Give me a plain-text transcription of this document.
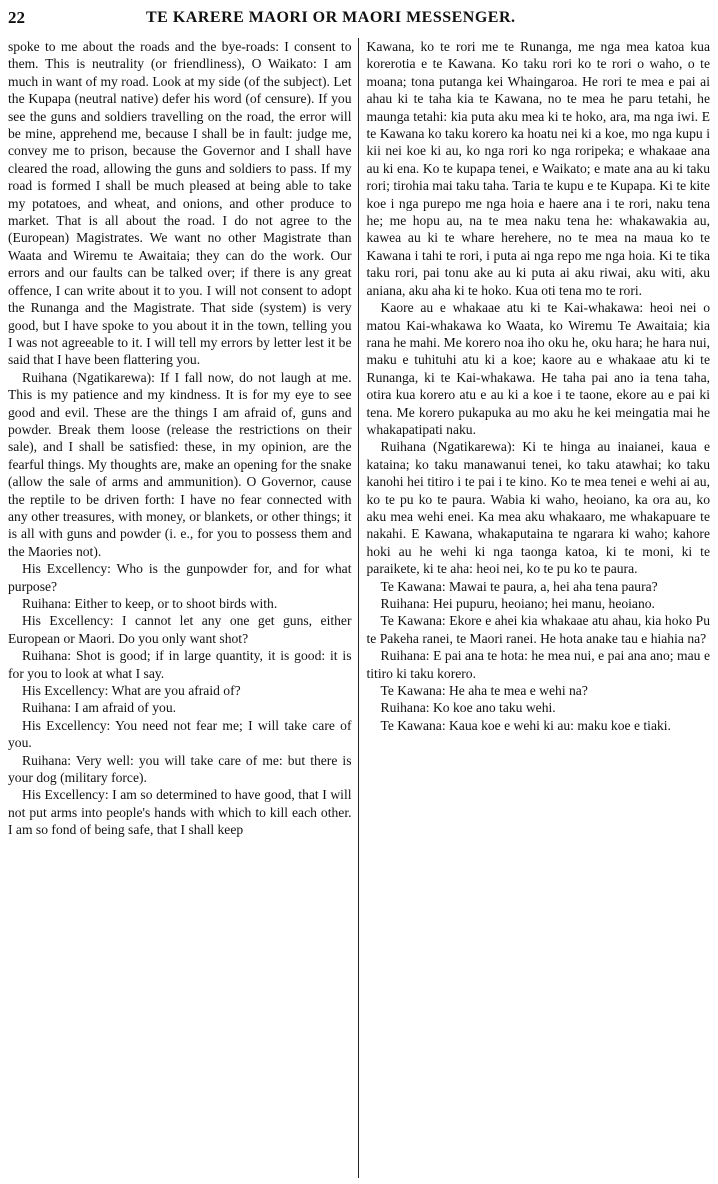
22	TE KARERE MAORI OR MAORI MESSENGER.

spoke to me about the roads and the bye-roads: I consent to them. This is neutrality (or friendliness), O Waikato: I am much in want of my road. Look at my side (of the subject). Let the Kupapa (neutral native) defer his word (of censure). If you see the guns and soldiers travelling on the road, the error will be mine, apprehend me, because I shall be in fault: judge me, convey me to prison, because the Governor and I shall have cleared the road, allowing the guns and soldiers to pass. If my road is formed I shall be much pleased at being able to take my potatoes, and wheat, and onions, and other produce to market. That is all about the road. I do not agree to the (European) Magistrates. We want no other Magistrate than Waata and Wiremu te Awaitaia; they can do the work. Our errors and our faults can be talked over; if there is any great offence, I can write about it to you. I will not consent to adopt the Runanga and the Magistrate. That side (system) is very good, but I have spoke to you about it in the town, telling you I was not agreeable to it. I will tell my errors by letter lest it be said that I have been flattering you.

Ruihana (Ngatikarewa): If I fall now, do not laugh at me. This is my patience and my kindness. It is for my eye to see good and evil. These are the things I am afraid of, guns and powder. Break them loose (release the restrictions on their sale), and I shall be satisfied: these, in my opinion, are the fearful things. My thoughts are, make an opening for the snake (allow the sale of arms and ammunition). O Governor, cause the reptile to be driven forth: I have no fear connected with any other treasures, with money, or blankets, or other things; it is all with guns and powder (i. e., for you to possess them and the Maories not).

His Excellency: Who is the gunpowder for, and for what purpose?

Ruihana: Either to keep, or to shoot birds with.

His Excellency: I cannot let any one get guns, either European or Maori. Do you only want shot?

Ruihana: Shot is good; if in large quantity, it is good: it is for you to look at what I say.

His Excellency: What are you afraid of?

Ruihana: I am afraid of you.

His Excellency: You need not fear me; I will take care of you.

Ruihana: Very well: you will take care of me: but there is your dog (military force).

His Excellency: I am so determined to have good, that I will not put arms into people's hands with which to kill each other. I am so fond of being safe, that I shall keep

Kawana, ko te rori me te Runanga, me nga mea katoa kua korerotia e te Kawana. Ko taku rori ko te rori o waho, o te moana; tona putanga kei Whaingaroa. He rori te mea e pai ai ahau ki te taha kia te Kawana, no te mea he paru tetahi, he maunga tetahi: kia puta aku mea ki te hoko, ara, ma nga iwi. E te Kawana ko taku korero ka hoatu nei ki a koe, mo nga kupu i kii nei koe ki au, ko nga rori ko nga roripeka; e whakaae ana au ki ena. Ko te kupapa tenei, e Waikato; e mate ana au ki taku rori; tirohia mai taku taha. Taria te kupu e te Kupapa. Ki te kite koe i nga purepo me nga hoia e haere ana i te rori, naku tena he; me hopu au, na te mea naku tena he: whakawakia au, kawea au ki te whare herehere, no te mea na maua ko te Kawana i tahi te rori, i puta ai nga repo me nga hoia. Ki te tika taku rori, pai tonu ake au ki puta ai aku riwai, aku witi, aku aniana, aku aha ki te hoko. Kua oti tena mo te rori.

Kaore au e whakaae atu ki te Kai-whakawa: heoi nei o matou Kai-whakawa ko Waata, ko Wiremu Te Awaitaia; kia rana he mahi. Me korero noa iho oku he, oku hara; he hara nui, maku e tuhituhi atu ki a koe; kaore au e whakaae atu ki te Runanga, ki te Kai-whakawa. He taha pai ano ia tena taha, otira kua korero atu e au ki a koe i te taone, ekore au e pai ki tena. Me korero pukapuka au mo aku he kei meingatia mai he whakapatipati naku.

Ruihana (Ngatikarewa): Ki te hinga au inaianei, kaua e kataina; ko taku manawanui tenei, ko taku atawhai; ko taku kanohi hei titiro i te pai i te kino. Ko te mea tenei e wehi ai au, ko te pu ko te paura. Wabia ki waho, heoiano, ka ora au, ko aku mea wehi enei. Ka mea aku whakaaro, me whakapuare te nakahi. E Kawana, whakaputaina te ngarara ki waho; kahore hoki au he wehi ki nga taonga katoa, ki te moni, ki te paraikete, ki te aha: heoi nei, ko te pu ko te paura.

Te Kawana: Mawai te paura, a, hei aha tena paura?

Ruihana: Hei pupuru, heoiano; hei manu, heoiano.

Te Kawana: Ekore e ahei kia whakaae atu ahau, kia hoko Pu te Pakeha ranei, te Maori ranei. He hota anake tau e hiahia na?

Ruihana: E pai ana te hota: he mea nui, e pai ana ano; mau e titiro ki taku korero.

Te Kawana: He aha te mea e wehi na?

Ruihana: Ko koe ano taku wehi.

Te Kawana: Kaua koe e wehi ki au: maku koe e tiaki.
